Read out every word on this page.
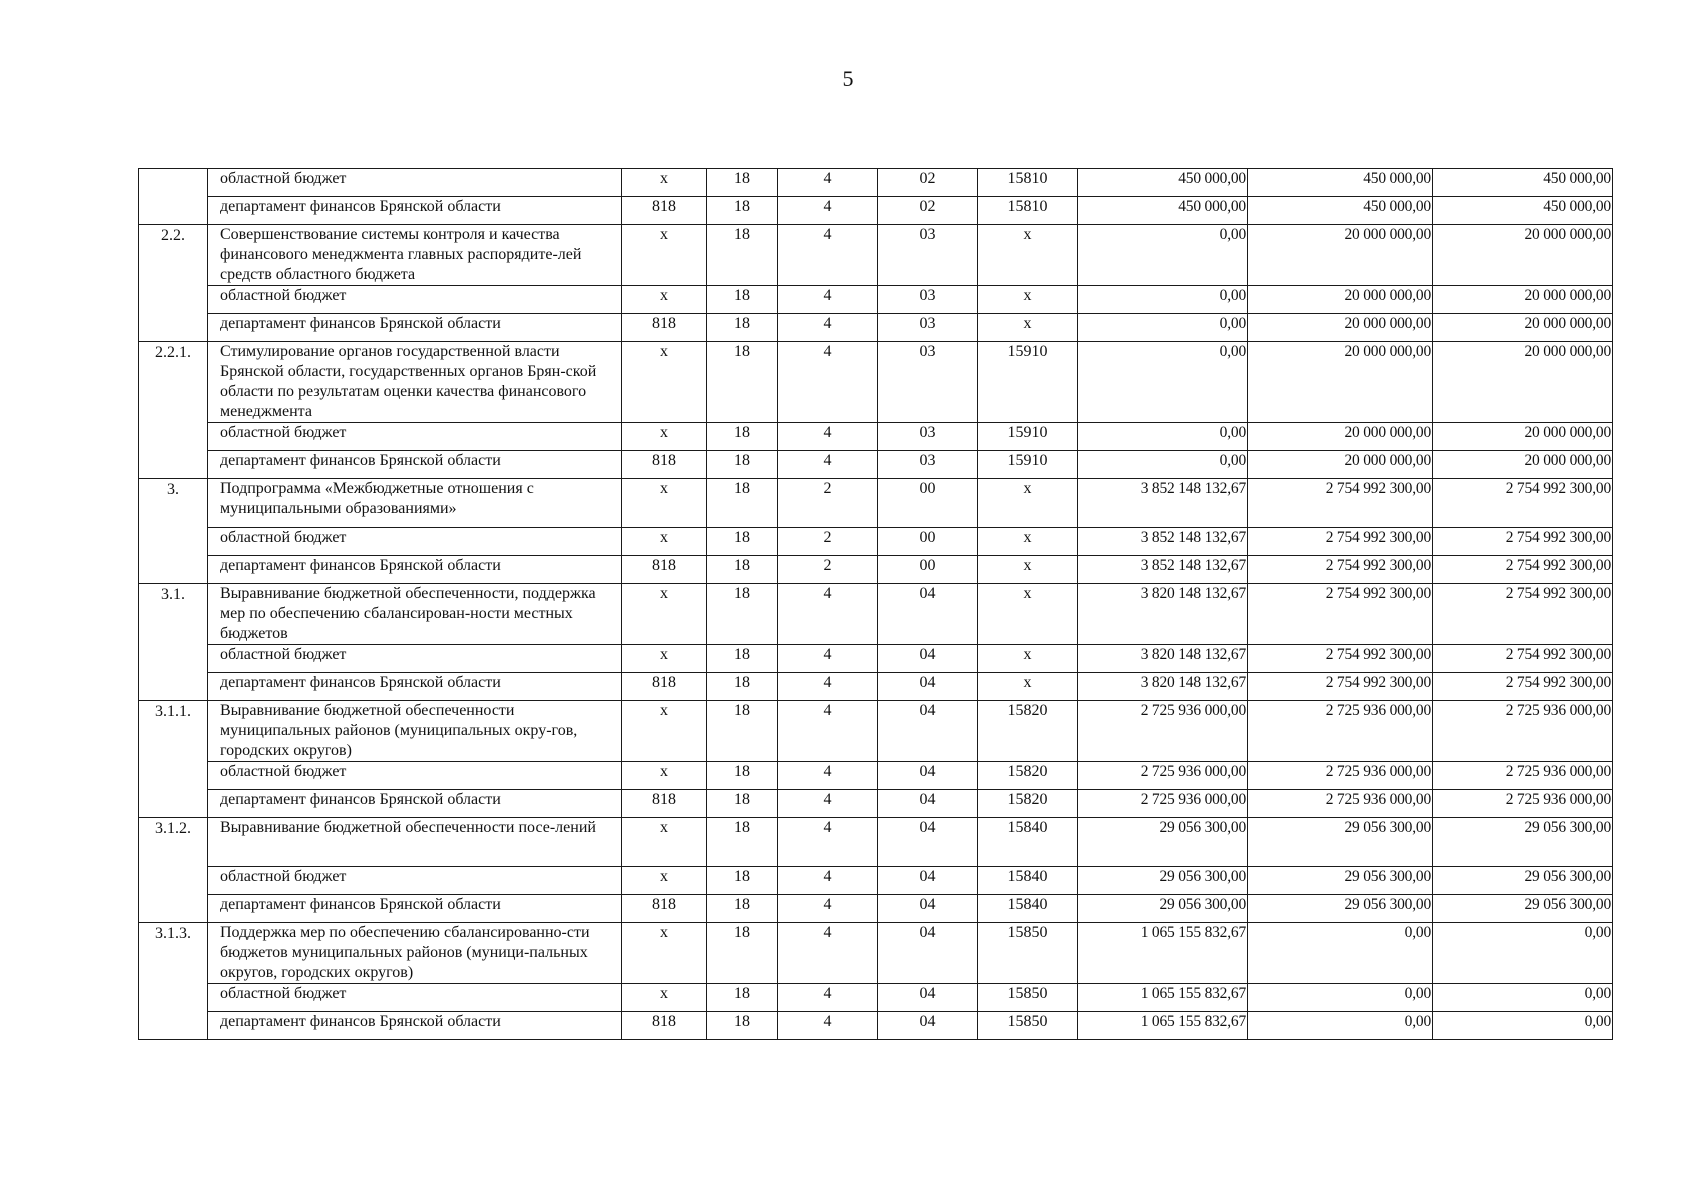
5
	областной бюджет	х	18	4	02	15810	450 000,00	450 000,00	450 000,00
	департамент финансов Брянской области	818	18	4	02	15810	450 000,00	450 000,00	450 000,00
2.2.	Совершенствование системы контроля и качества финансового менеджмента главных распорядите-лей средств областного бюджета	х	18	4	03	х	0,00	20 000 000,00	20 000 000,00
	областной бюджет	х	18	4	03	х	0,00	20 000 000,00	20 000 000,00
	департамент финансов Брянской области	818	18	4	03	х	0,00	20 000 000,00	20 000 000,00
2.2.1.	Стимулирование органов государственной власти Брянской области, государственных органов Брян-ской области по результатам оценки качества финансового менеджмента	х	18	4	03	15910	0,00	20 000 000,00	20 000 000,00
	областной бюджет	х	18	4	03	15910	0,00	20 000 000,00	20 000 000,00
	департамент финансов Брянской области	818	18	4	03	15910	0,00	20 000 000,00	20 000 000,00
3.	Подпрограмма «Межбюджетные отношения с муниципальными образованиями»	х	18	2	00	х	3 852 148 132,67	2 754 992 300,00	2 754 992 300,00
	областной бюджет	х	18	2	00	х	3 852 148 132,67	2 754 992 300,00	2 754 992 300,00
	департамент финансов Брянской области	818	18	2	00	х	3 852 148 132,67	2 754 992 300,00	2 754 992 300,00
3.1.	Выравнивание бюджетной обеспеченности, поддержка мер по обеспечению сбалансирован-ности местных бюджетов	х	18	4	04	х	3 820 148 132,67	2 754 992 300,00	2 754 992 300,00
	областной бюджет	х	18	4	04	х	3 820 148 132,67	2 754 992 300,00	2 754 992 300,00
	департамент финансов Брянской области	818	18	4	04	х	3 820 148 132,67	2 754 992 300,00	2 754 992 300,00
3.1.1.	Выравнивание бюджетной обеспеченности муниципальных районов (муниципальных окру-гов, городских округов)	х	18	4	04	15820	2 725 936 000,00	2 725 936 000,00	2 725 936 000,00
	областной бюджет	х	18	4	04	15820	2 725 936 000,00	2 725 936 000,00	2 725 936 000,00
	департамент финансов Брянской области	818	18	4	04	15820	2 725 936 000,00	2 725 936 000,00	2 725 936 000,00
3.1.2.	Выравнивание бюджетной обеспеченности посе-лений	х	18	4	04	15840	29 056 300,00	29 056 300,00	29 056 300,00
	областной бюджет	х	18	4	04	15840	29 056 300,00	29 056 300,00	29 056 300,00
	департамент финансов Брянской области	818	18	4	04	15840	29 056 300,00	29 056 300,00	29 056 300,00
3.1.3.	Поддержка мер по обеспечению сбалансированно-сти бюджетов муниципальных районов (муници-пальных округов, городских округов)	х	18	4	04	15850	1 065 155 832,67	0,00	0,00
	областной бюджет	х	18	4	04	15850	1 065 155 832,67	0,00	0,00
	департамент финансов Брянской области	818	18	4	04	15850	1 065 155 832,67	0,00	0,00
